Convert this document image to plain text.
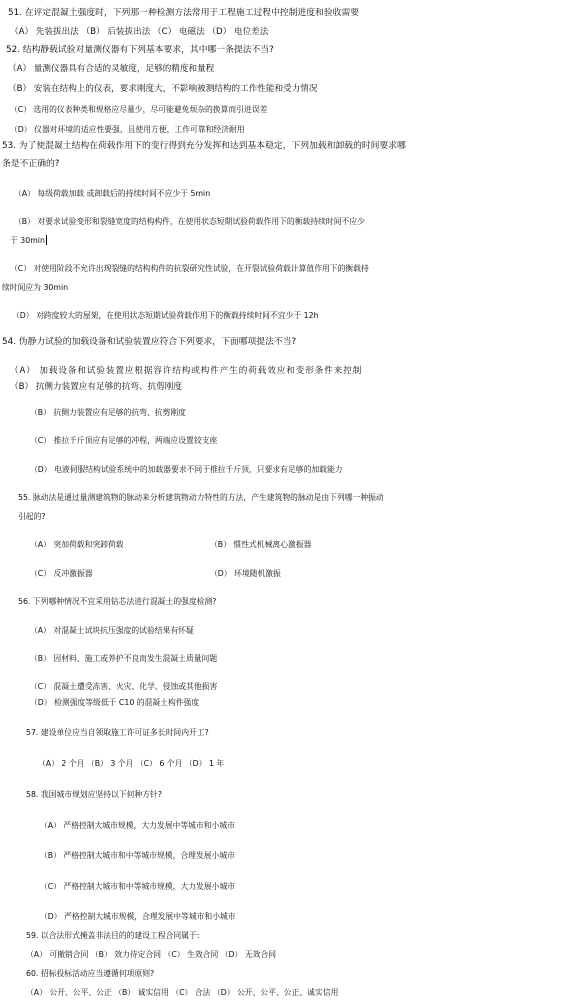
51. 在评定混凝土强度时，下列那一种检测方法常用于工程施工过程中控制进度和验收需要
（A） 先装拔出法 （B） 后装拔出法 （C） 电磁法 （D） 电位差法
52. 结构静载试验对量测仪器有下列基本要求，其中哪一条提法不当?
（A） 量测仪器具有合适的灵敏度，足够的精度和量程
（B） 安装在结构上的仪表，要求刚度大，不影响被测结构的工作性能和受力情况
（C） 选用的仪表种类和规格应尽量少，尽可能避免烦杂的换算而引进误差
（D） 仪器对环境的适应性要强，且使用方便，工作可靠和经济耐用
53. 为了使混凝土结构在荷载作用下的变行得到充分发挥和达到基本稳定，下列加载和卸载的时间要求哪
条是不正确的?
（A） 每级荷载加载 或卸载后的持续时间不应少于 5min
（B） 对要求试验变形和裂缝宽度的结构构件，在使用状态短期试验荷载作用下的衡载持续时间不应少
于 30min
（C） 对使用阶段不允许出现裂缝的结构构件的抗裂研究性试验，在开裂试验荷载计算值作用下的衡载持
续时间应为 30min
（D） 对跨度较大的屋架，在使用状态短期试验荷载作用下的衡载持续时间不宜少于 12h
54. 伪静力试验的加载设备和试验装置应符合下列要求，下面哪项提法不当?
（A） 加载设备和试验装置应根据容许结构或构件产生的荷载效应和变形条件来控制
（B） 抗侧力装置应有足够的抗弯、抗剪刚度
（B） 抗侧力装置应有足够的抗弯、抗剪刚度
（C） 推拉千斤顶应有足够的冲程，两端应设置铰支座
（D） 电液伺服结构试验系统中的加载器要求不同于推拉千斤顶，只要求有足够的加载能力
55. 脉动法是通过量测建筑物的脉动来分析建筑物动力特性的方法，产生建筑物的脉动是由下列哪一种振动
引起的?
（A） 突加荷载和突卸荷载	（B） 惯性式机械离心激振器
（C） 反冲激振器	（D） 环境随机激振
56. 下列哪种情况不宜采用钻芯法进行混凝土的强度检测?
（A） 对混凝土试块抗压强度的试验结果有怀疑
（B） 因材料、施工或养护不良而发生混凝土质量问题
（C） 混凝土遭受冻害、火灾、化学、侵蚀或其他损害
（D） 检测强度等级低于 C10 的混凝土构件强度
57. 建设单位应当自领取施工许可证多长时间内开工?
（A） 2 个月 （B） 3 个月 （C） 6 个月 （D） 1 年
58. 我国城市规划应坚持以下何种方针?
（A） 严格控制大城市规模，大力发展中等城市和小城市
（B） 严格控制大城市和中等城市规模，合理发展小城市
（C） 严格控制大城市和中等城市规模，大力发展小城市
（D） 严格控制大城市规模，合理发展中等城市和小城市
59. 以合法形式掩盖非法目的的建设工程合同属于:
（A） 可撤销合同 （B） 效力待定合同 （C） 生效合同 （D） 无效合同
60. 招标投标活动应当遵循何项原则?
（A） 公开、公平、公正 （B） 诚实信用 （C） 合法 （D） 公开、公平、公正、诚实信用
